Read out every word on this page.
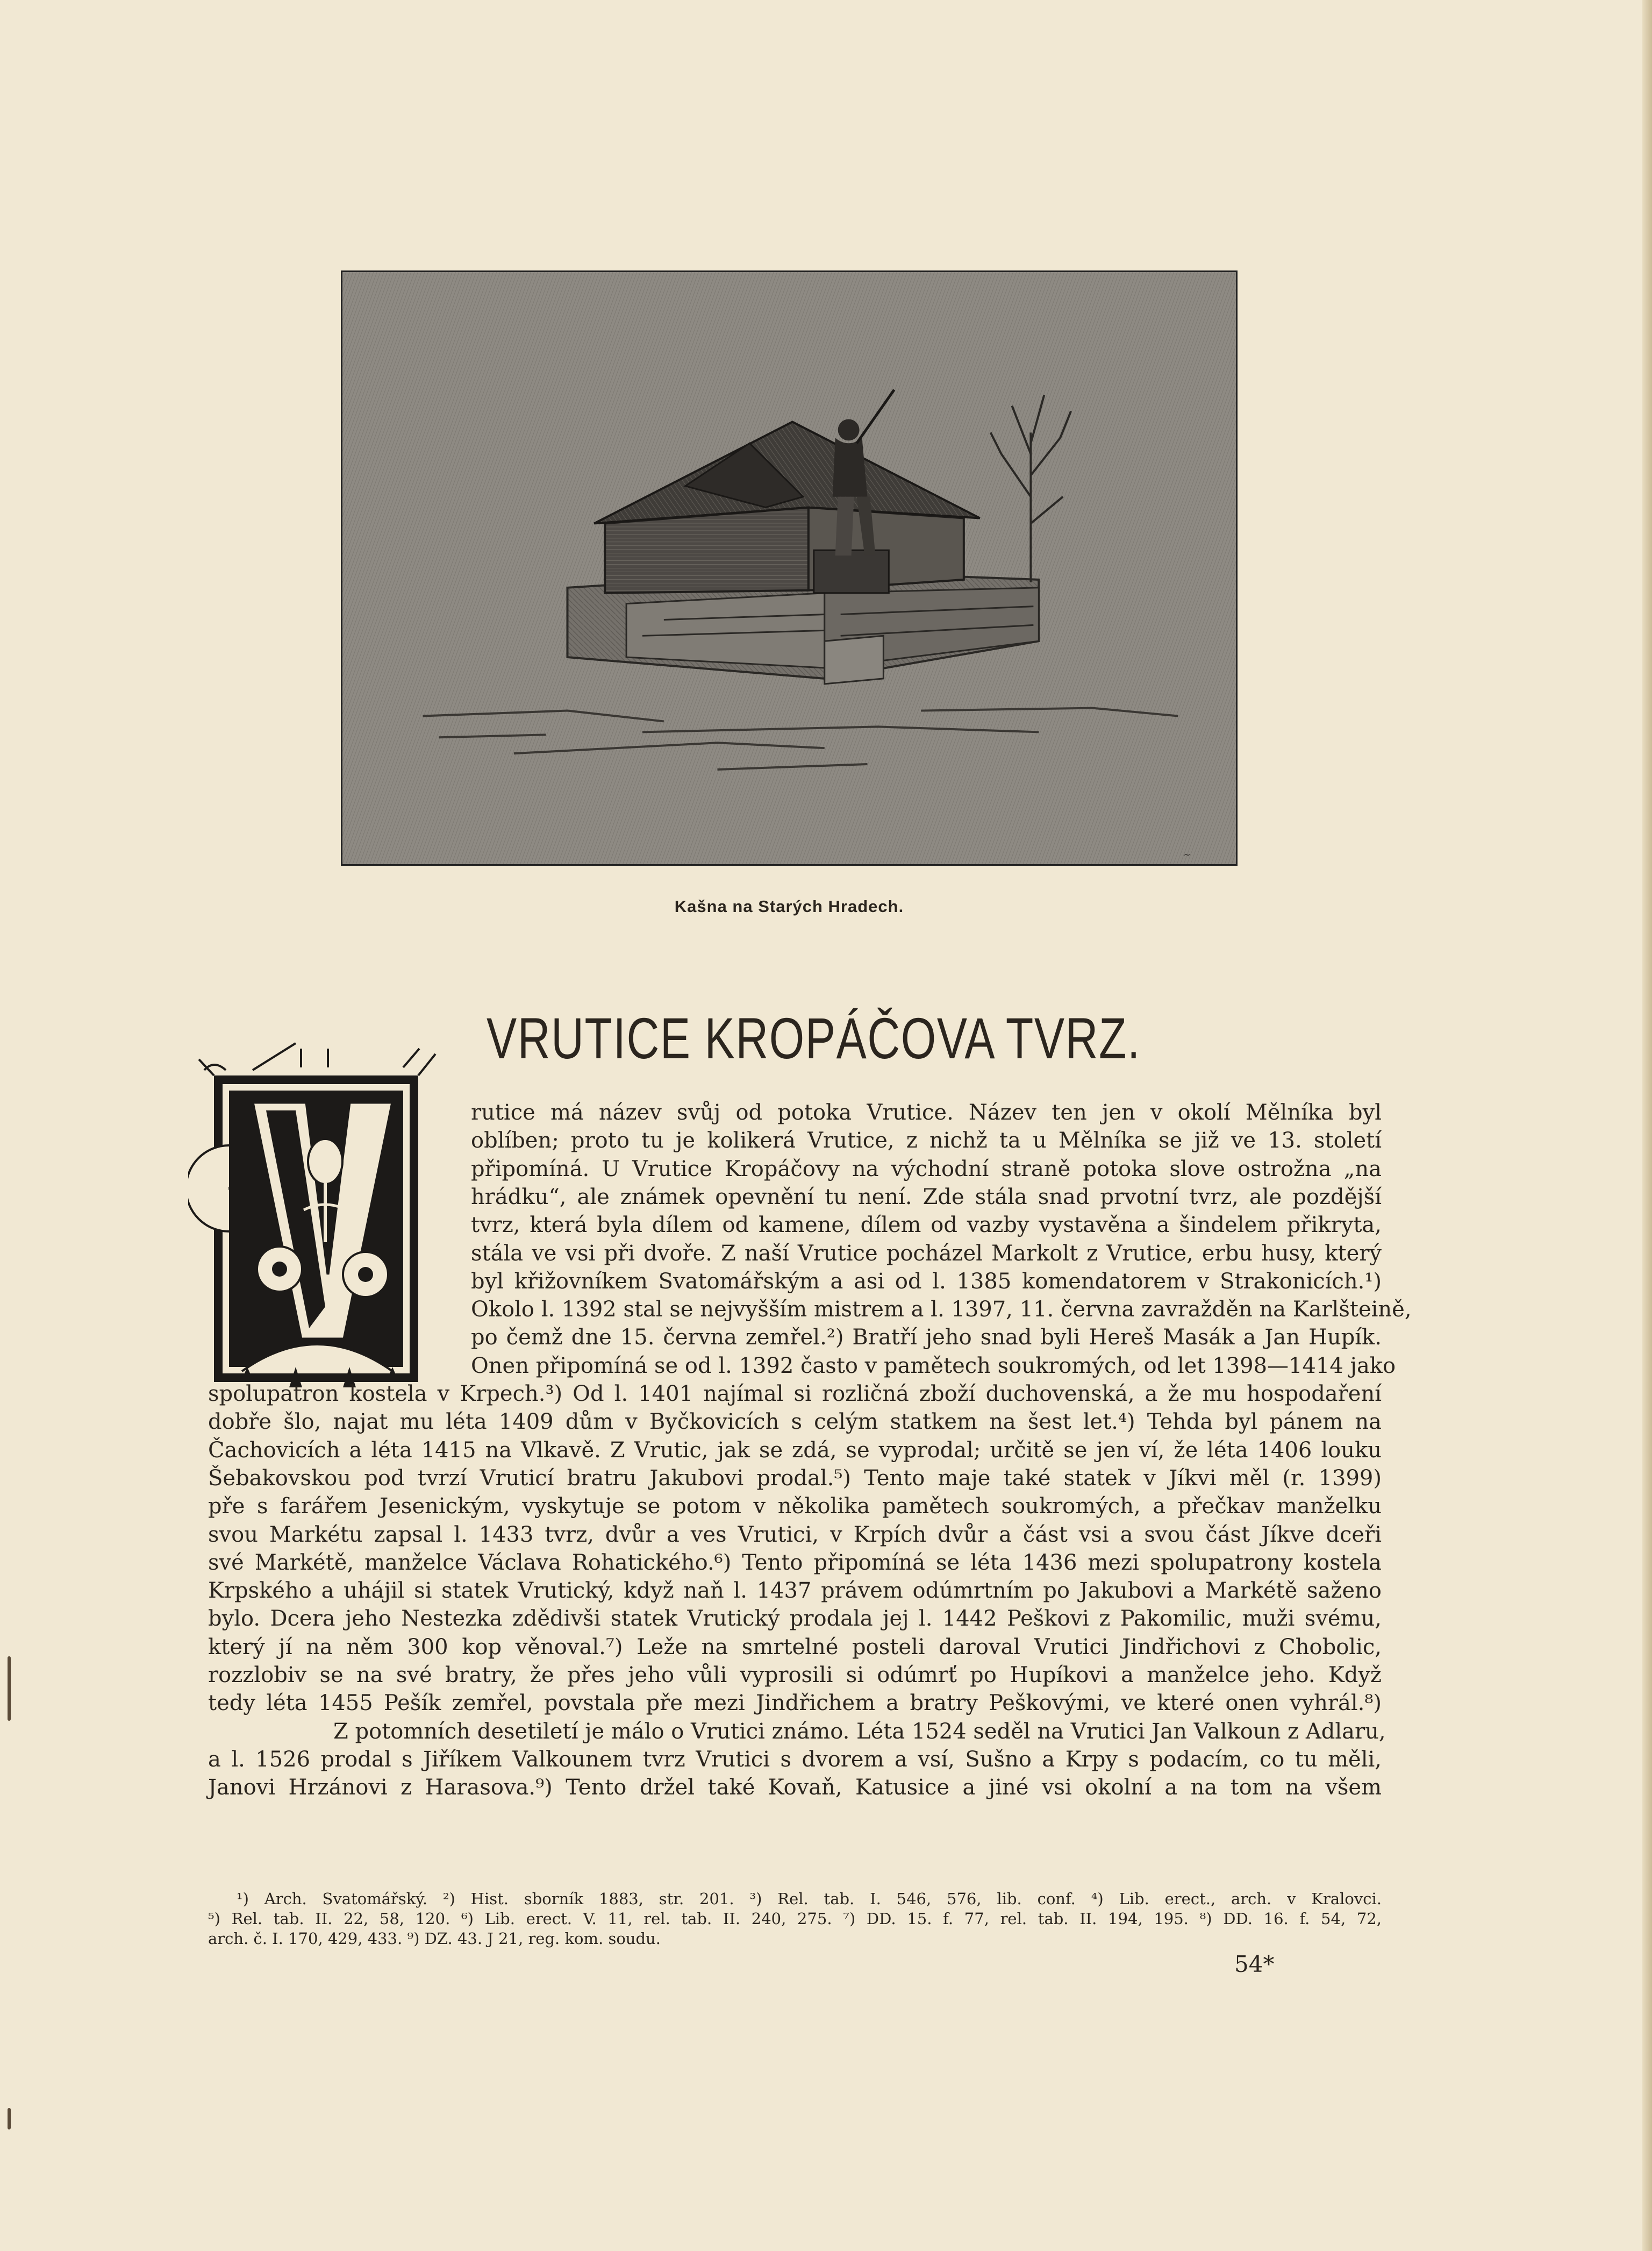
~
Kašna na Starých Hradech.
VRUTICE KROPÁČOVA TVRZ.
rutice má název svůj od potoka Vrutice. Název ten jen v okolí Mělníka byl
oblíben; proto tu je kolikerá Vrutice, z nichž ta u Mělníka se již ve 13. století
připomíná. U Vrutice Kropáčovy na východní straně potoka slove ostrožna „na
hrádku“, ale známek opevnění tu není. Zde stála snad prvotní tvrz, ale pozdější
tvrz, která byla dílem od kamene, dílem od vazby vystavěna a šindelem přikryta,
stála ve vsi při dvoře. Z naší Vrutice pocházel Markolt z Vrutice, erbu husy, který
byl křižovníkem Svatomářským a asi od l. 1385 komendatorem v Strakonicích.¹)
Okolo l. 1392 stal se nejvyšším mistrem a l. 1397, 11. června zavražděn na Karlšteině,
po čemž dne 15. června zemřel.²) Bratří jeho snad byli Hereš Masák a Jan Hupík.
Onen připomíná se od l. 1392 často v pamětech soukromých, od let 1398—1414 jako
spolupatron kostela v Krpech.³) Od l. 1401 najímal si rozličná zboží duchovenská, a že mu hospodaření
dobře šlo, najat mu léta 1409 dům v Byčkovicích s celým statkem na šest let.⁴) Tehda byl pánem na
Čachovicích a léta 1415 na Vlkavě. Z Vrutic, jak se zdá, se vyprodal; určitě se jen ví, že léta 1406 louku
Šebakovskou pod tvrzí Vruticí bratru Jakubovi prodal.⁵) Tento maje také statek v Jíkvi měl (r. 1399)
pře s farářem Jesenickým, vyskytuje se potom v několika pamětech soukromých, a přečkav manželku
svou Markétu zapsal l. 1433 tvrz, dvůr a ves Vrutici, v Krpích dvůr a část vsi a svou část Jíkve dceři
své Markétě, manželce Václava Rohatického.⁶) Tento připomíná se léta 1436 mezi spolupatrony kostela
Krpského a uhájil si statek Vrutický, když naň l. 1437 právem odúmrtním po Jakubovi a Markétě saženo
bylo. Dcera jeho Nestezka zdědivši statek Vrutický prodala jej l. 1442 Peškovi z Pakomilic, muži svému,
který jí na něm 300 kop věnoval.⁷) Leže na smrtelné posteli daroval Vrutici Jindřichovi z Chobolic,
rozzlobiv se na své bratry, že přes jeho vůli vyprosili si odúmrť po Hupíkovi a manželce jeho. Když
tedy léta 1455 Pešík zemřel, povstala pře mezi Jindřichem a bratry Peškovými, ve které onen vyhrál.⁸)
Z potomních desetiletí je málo o Vrutici známo. Léta 1524 seděl na Vrutici Jan Valkoun z Adlaru,
a l. 1526 prodal s Jiříkem Valkounem tvrz Vrutici s dvorem a vsí, Sušno a Krpy s podacím, co tu měli,
Janovi Hrzánovi z Harasova.⁹) Tento držel také Kovaň, Katusice a jiné vsi okolní a na tom na všem
¹) Arch. Svatomářský. ²) Hist. sborník 1883, str. 201. ³) Rel. tab. I. 546, 576, lib. conf. ⁴) Lib. erect., arch. v Kralovci.
⁵) Rel. tab. II. 22, 58, 120. ⁶) Lib. erect. V. 11, rel. tab. II. 240, 275. ⁷) DD. 15. f. 77, rel. tab. II. 194, 195. ⁸) DD. 16. f. 54, 72,
arch. č. I. 170, 429, 433. ⁹) DZ. 43. J 21, reg. kom. soudu.
54*
